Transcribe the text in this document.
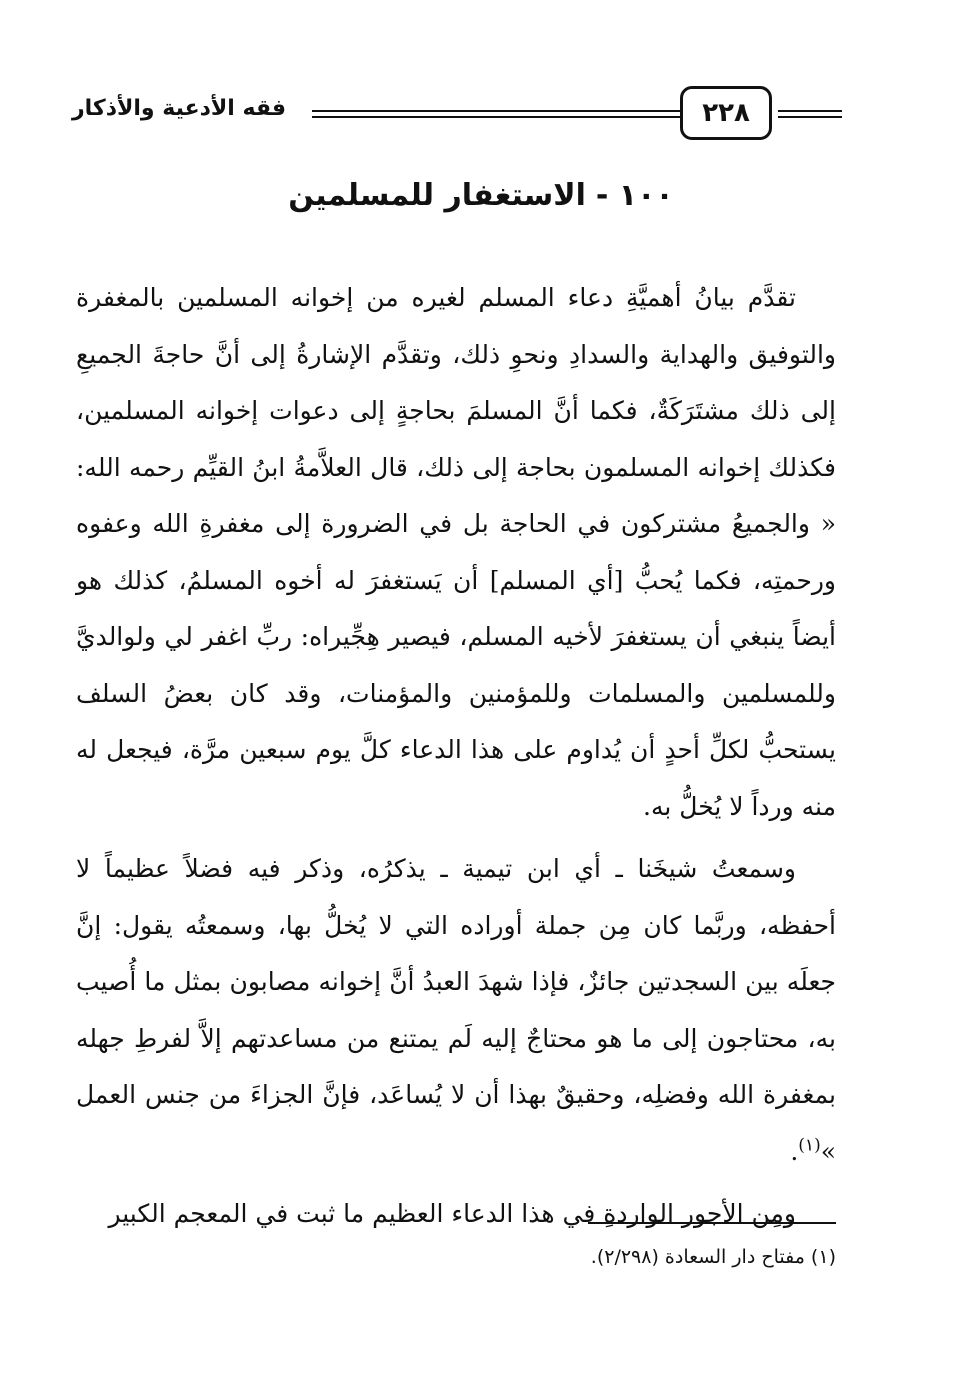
٢٢٨
فقه الأدعية والأذكار
١٠٠ -الاستغفار للمسلمين

تقدَّم بيانُ أهميَّةِ دعاء المسلم لغيره من إخوانه المسلمين بالمغفرة والتوفيق والهداية والسدادِ ونحوِ ذلك، وتقدَّم الإشارةُ إلى أنَّ حاجةَ الجميعِ إلى ذلك مشتَرَكَةٌ، فكما أنَّ المسلمَ بحاجةٍ إلى دعوات إخوانه المسلمين، فكذلك إخوانه المسلمون بحاجة إلى ذلك، قال العلاَّمةُ ابنُ القيِّم رحمه الله: « والجميعُ مشتركون في الحاجة بل في الضرورة إلى مغفرةِ الله وعفوه ورحمتِه، فكما يُحبُّ [أي المسلم] أن يَستغفرَ له أخوه المسلمُ، كذلك هو أيضاً ينبغي أن يستغفرَ لأخيه المسلم، فيصير هِجِّيراه: ربِّ اغفر لي ولوالديَّ وللمسلمين والمسلمات وللمؤمنين والمؤمنات، وقد كان بعضُ السلف يستحبُّ لكلِّ أحدٍ أن يُداوم على هذا الدعاء كلَّ يوم سبعين مرَّة، فيجعل له منه ورداً لا يُخلُّ به.

وسمعتُ شيخَنا ـ أي ابن تيمية ـ يذكرُه، وذكر فيه فضلاً عظيماً لا أحفظه، وربَّما كان مِن جملة أوراده التي لا يُخلُّ بها، وسمعتُه يقول: إنَّ جعلَه بين السجدتين جائزٌ، فإذا شهدَ العبدُ أنَّ إخوانه مصابون بمثل ما أُصيب به، محتاجون إلى ما هو محتاجٌ إليه لَم يمتنع من مساعدتهم إلاَّ لفرطِ جهله بمغفرة الله وفضلِه، وحقيقٌ بهذا أن لا يُساعَد، فإنَّ الجزاءَ من جنس العمل »$^{(١)}$.

ومِن الأجور الواردةِ في هذا الدعاء العظيم ما ثبت في المعجم الكبير

(١) مفتاح دار السعادة (٢/٢٩٨).
